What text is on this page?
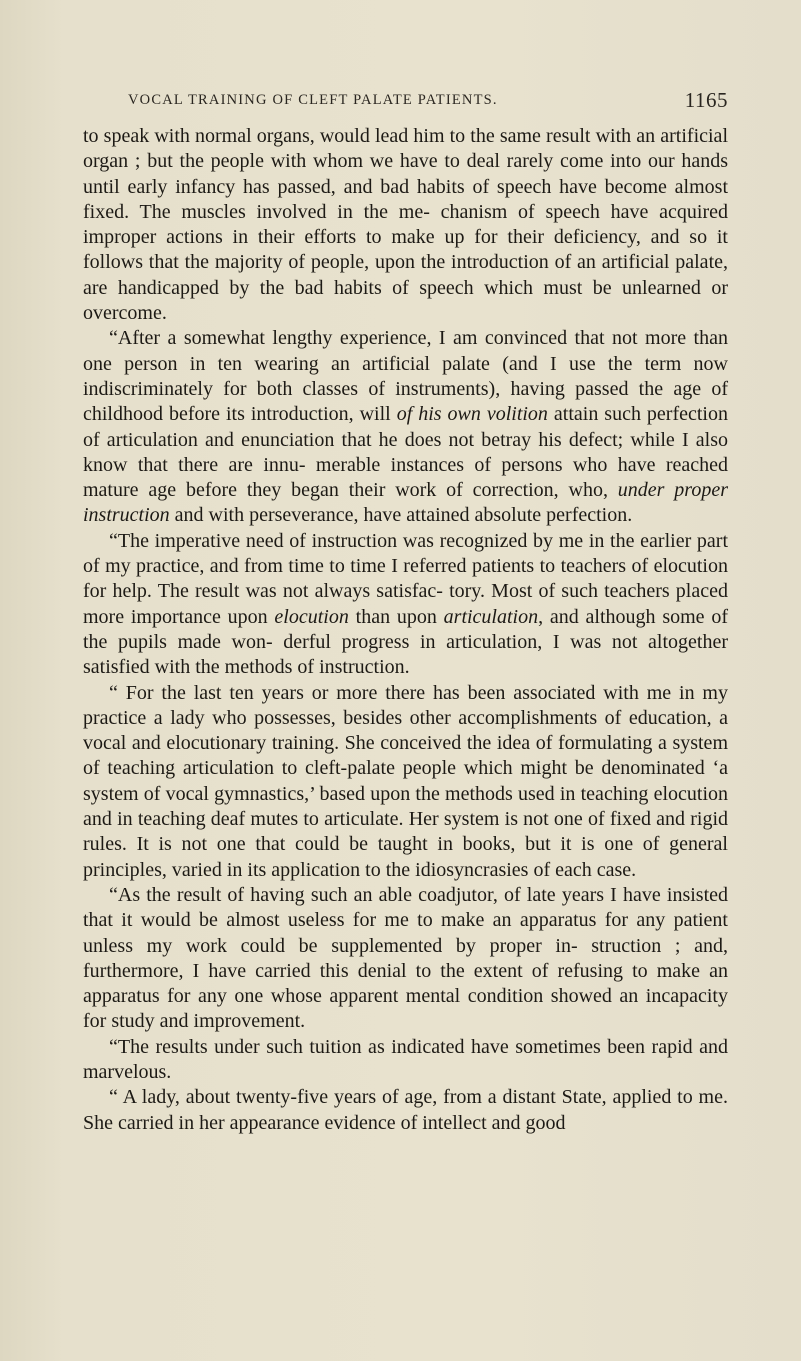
VOCAL TRAINING OF CLEFT PALATE PATIENTS.	1165

to speak with normal organs, would lead him to the same result with an artificial organ ; but the people with whom we have to deal rarely come into our hands until early infancy has passed, and bad habits of speech have become almost fixed. The muscles involved in the me- chanism of speech have acquired improper actions in their efforts to make up for their deficiency, and so it follows that the majority of people, upon the introduction of an artificial palate, are handicapped by the bad habits of speech which must be unlearned or overcome.

“After a somewhat lengthy experience, I am convinced that not more than one person in ten wearing an artificial palate (and I use the term now indiscriminately for both classes of instruments), having passed the age of childhood before its introduction, will of his own volition attain such perfection of articulation and enunciation that he does not betray his defect; while I also know that there are innu- merable instances of persons who have reached mature age before they began their work of correction, who, under proper instruction and with perseverance, have attained absolute perfection.

“The imperative need of instruction was recognized by me in the earlier part of my practice, and from time to time I referred patients to teachers of elocution for help. The result was not always satisfac- tory. Most of such teachers placed more importance upon elocution than upon articulation, and although some of the pupils made won- derful progress in articulation, I was not altogether satisfied with the methods of instruction.

“ For the last ten years or more there has been associated with me in my practice a lady who possesses, besides other accomplishments of education, a vocal and elocutionary training. She conceived the idea of formulating a system of teaching articulation to cleft-palate people which might be denominated ‘a system of vocal gymnastics,’ based upon the methods used in teaching elocution and in teaching deaf mutes to articulate. Her system is not one of fixed and rigid rules. It is not one that could be taught in books, but it is one of general principles, varied in its application to the idiosyncrasies of each case.

“As the result of having such an able coadjutor, of late years I have insisted that it would be almost useless for me to make an apparatus for any patient unless my work could be supplemented by proper in- struction ; and, furthermore, I have carried this denial to the extent of refusing to make an apparatus for any one whose apparent mental condition showed an incapacity for study and improvement.

“The results under such tuition as indicated have sometimes been rapid and marvelous.

“ A lady, about twenty-five years of age, from a distant State, applied to me. She carried in her appearance evidence of intellect and good
